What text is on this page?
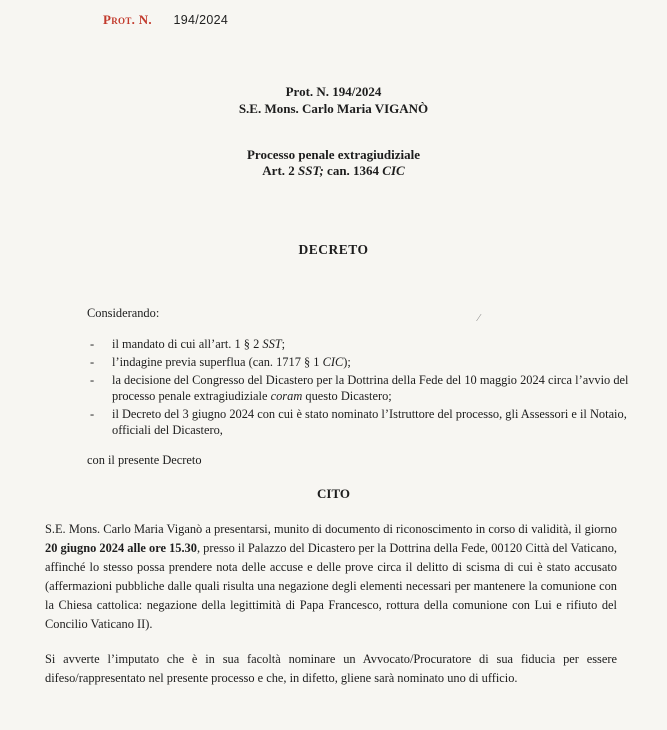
Prot. N. 194/2024
Prot. N. 194/2024
S.E. Mons. Carlo Maria VIGANÒ
Processo penale extragiudiziale
Art. 2 SST; can. 1364 CIC
DECRETO
Considerando:	⁄
- il mandato di cui all’art. 1 § 2 SST;
- l’indagine previa superflua (can. 1717 § 1 CIC);
- la decisione del Congresso del Dicastero per la Dottrina della Fede del 10 maggio 2024 circa l’avvio del processo penale extragiudiziale coram questo Dicastero;
- il Decreto del 3 giugno 2024 con cui è stato nominato l’Istruttore del processo, gli Assessori e il Notaio, officiali del Dicastero,
con il presente Decreto
CITO
S.E. Mons. Carlo Maria Viganò a presentarsi, munito di documento di riconoscimento in corso di validità, il giorno 20 giugno 2024 alle ore 15.30, presso il Palazzo del Dicastero per la Dottrina della Fede, 00120 Città del Vaticano, affinché lo stesso possa prendere nota delle accuse e delle prove circa il delitto di scisma di cui è stato accusato (affermazioni pubbliche dalle quali risulta una negazione degli elementi necessari per mantenere la comunione con la Chiesa cattolica: negazione della legittimità di Papa Francesco, rottura della comunione con Lui e rifiuto del Concilio Vaticano II).
Si avverte l’imputato che è in sua facoltà nominare un Avvocato/Procuratore di sua fiducia per essere difeso/rappresentato nel presente processo e che, in difetto, gliene sarà nominato uno di ufficio.
